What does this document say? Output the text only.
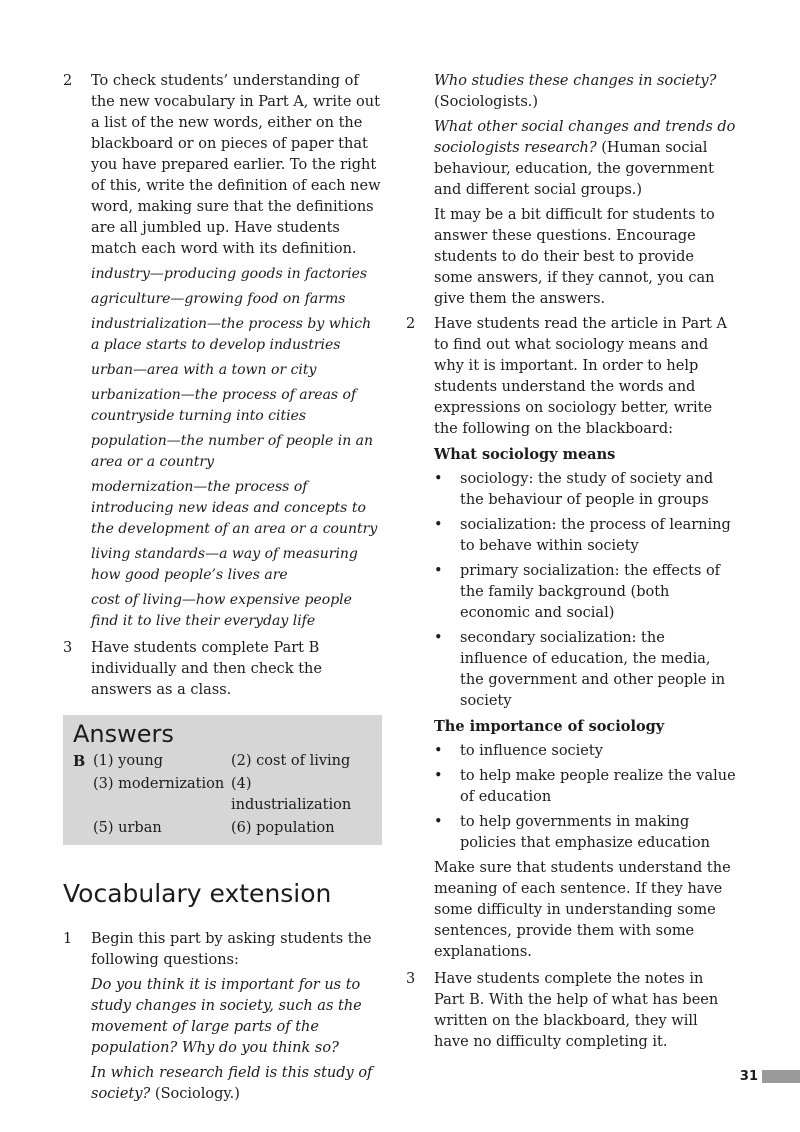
2 To check students’ understanding of the new vocabulary in Part A, write out a list of the new words, either on the blackboard or on pieces of paper that you have prepared earlier. To the right of this, write the definition of each new word, making sure that the definitions are all jumbled up. Have students match each word with its definition.

industry—producing goods in factories

agriculture—growing food on farms

industrialization—the process by which a place starts to develop industries

urban—area with a town or city

urbanization—the process of areas of countryside turning into cities

population—the number of people in an area or a country

modernization—the process of introducing new ideas and concepts to the development of an area or a country

living standards—a way of measuring how good people’s lives are

cost of living—how expensive people find it to live their everyday life

3 Have students complete Part B individually and then check the answers as a class.
Answers
B (1) young	(2) cost of living
(3) modernization (4) industrialization
(5) urban	(6) population
Vocabulary extension
1 Begin this part by asking students the following questions:

Do you think it is important for us to study changes in society, such as the movement of large parts of the population? Why do you think so?

In which research field is this study of society? (Sociology.)

Who studies these changes in society?
(Sociologists.)

What other social changes and trends do sociologists research? (Human social behaviour, education, the government and different social groups.)

It may be a bit difficult for students to answer these questions. Encourage students to do their best to provide some answers, if they cannot, you can give them the answers.

2 Have students read the article in Part A to find out what sociology means and why it is important. In order to help students understand the words and expressions on sociology better, write the following on the blackboard:

What sociology means

• sociology: the study of society and the behaviour of people in groups
• socialization: the process of learning to behave within society
• primary socialization: the effects of the family background (both economic and social)
• secondary socialization: the influence of education, the media, the government and other people in society

The importance of sociology

• to influence society
• to help make people realize the value of education
• to help governments in making policies that emphasize education

Make sure that students understand the meaning of each sentence. If they have some difficulty in understanding some sentences, provide them with some explanations.

3 Have students complete the notes in Part B. With the help of what has been written on the blackboard, they will have no difficulty completing it.

31
